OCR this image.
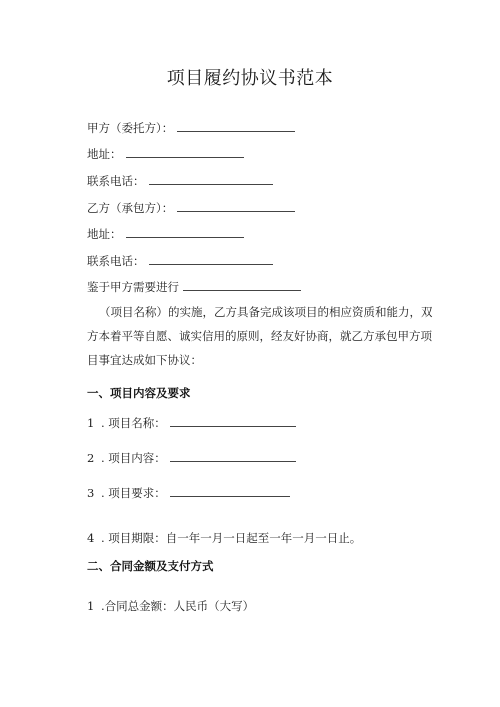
项目履约协议书范本
甲方（委托方）：
地址：
联系电话：
乙方（承包方）：
地址：
联系电话：
鉴于甲方需要进行
（项目名称）的实施，乙方具备完成该项目的相应资质和能力，双方本着平等自愿、诚实信用的原则，经友好协商，就乙方承包甲方项目事宜达成如下协议：
一、项目内容及要求
1 . 项目名称：
2 . 项目内容：
3 . 项目要求：
4 . 项目期限：自一年一月一日起至一年一月一日止。
二、合同金额及支付方式
1 .合同总金额：人民币（大写）
